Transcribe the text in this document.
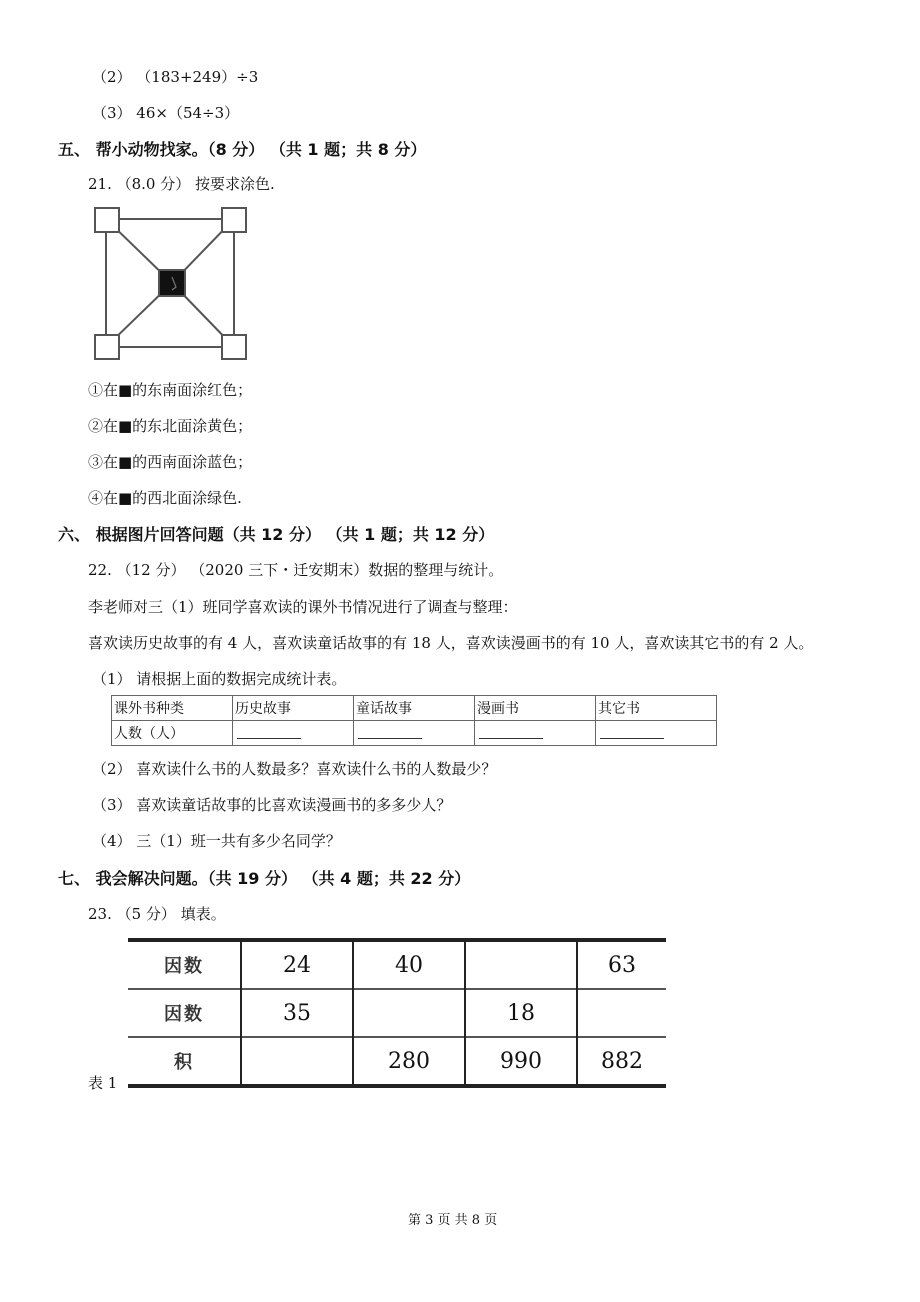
（2） （183+249）÷3
（3） 46×（54÷3）
五、 帮小动物找家。（8 分） （共 1 题；共 8 分）
21. （8.0 分） 按要求涂色.
①在■的东南面涂红色；
②在■的东北面涂黄色；
③在■的西南面涂蓝色；
④在■的西北面涂绿色.
六、 根据图片回答问题（共 12 分） （共 1 题；共 12 分）
22. （12 分） （2020 三下・迁安期末）数据的整理与统计。
李老师对三（1）班同学喜欢读的课外书情况进行了调查与整理：
喜欢读历史故事的有 4 人，喜欢读童话故事的有 18 人，喜欢读漫画书的有 10 人，喜欢读其它书的有 2 人。
（1） 请根据上面的数据完成统计表。
课外书种类	历史故事	童话故事	漫画书	其它书
人数（人）				
（2） 喜欢读什么书的人数最多？喜欢读什么书的人数最少？
（3） 喜欢读童话故事的比喜欢读漫画书的多多少人？
（4） 三（1）班一共有多少名同学？
七、 我会解决问题。（共 19 分） （共 4 题；共 22 分）
23. （5 分） 填表。
因数	24	40		63
因数	35		18	
积		280	990	882
表 1
第 3 页 共 8 页
